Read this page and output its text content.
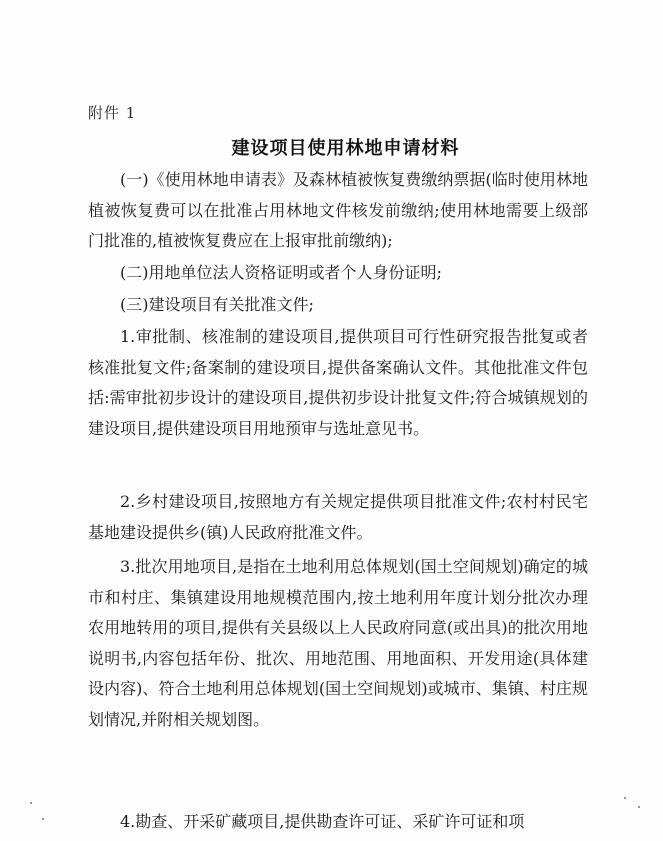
附件 1
建设项目使用林地申请材料
(一)《使用林地申请表》及森林植被恢复费缴纳票据(临时使用林地植被恢复费可以在批准占用林地文件核发前缴纳;使用林地需要上级部门批准的,植被恢复费应在上报审批前缴纳);
(二)用地单位法人资格证明或者个人身份证明;
(三)建设项目有关批准文件;
1.审批制、核准制的建设项目,提供项目可行性研究报告批复或者核准批复文件;备案制的建设项目,提供备案确认文件。其他批准文件包括:需审批初步设计的建设项目,提供初步设计批复文件;符合城镇规划的建设项目,提供建设项目用地预审与选址意见书。
2.乡村建设项目,按照地方有关规定提供项目批准文件;农村村民宅基地建设提供乡(镇)人民政府批准文件。
3.批次用地项目,是指在土地利用总体规划(国土空间规划)确定的城市和村庄、集镇建设用地规模范围内,按土地利用年度计划分批次办理农用地转用的项目,提供有关县级以上人民政府同意(或出具)的批次用地说明书,内容包括年份、批次、用地范围、用地面积、开发用途(具体建设内容)、符合土地利用总体规划(国土空间规划)或城市、集镇、村庄规划情况,并附相关规划图。
4.勘查、开采矿藏项目,提供勘查许可证、采矿许可证和项
